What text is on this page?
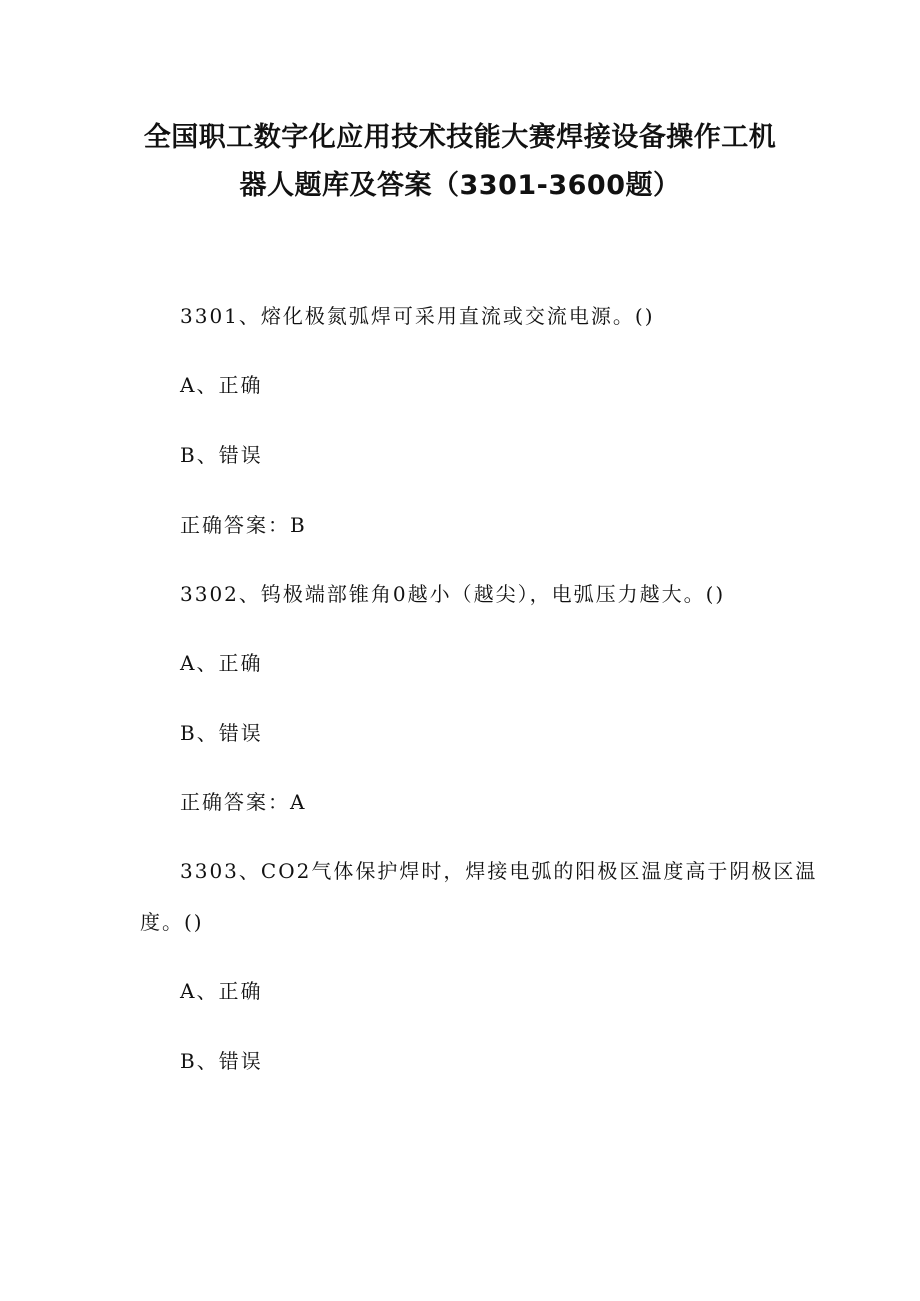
全国职工数字化应用技术技能大赛焊接设备操作工机
器人题库及答案（3301-3600题）
3301、熔化极氮弧焊可采用直流或交流电源。()
A、正确
B、错误
正确答案：B
3302、钨极端部锥角0越小（越尖），电弧压力越大。()
A、正确
B、错误
正确答案：A
3303、CO2气体保护焊时，焊接电弧的阳极区温度高于阴极区温
度。()
A、正确
B、错误
